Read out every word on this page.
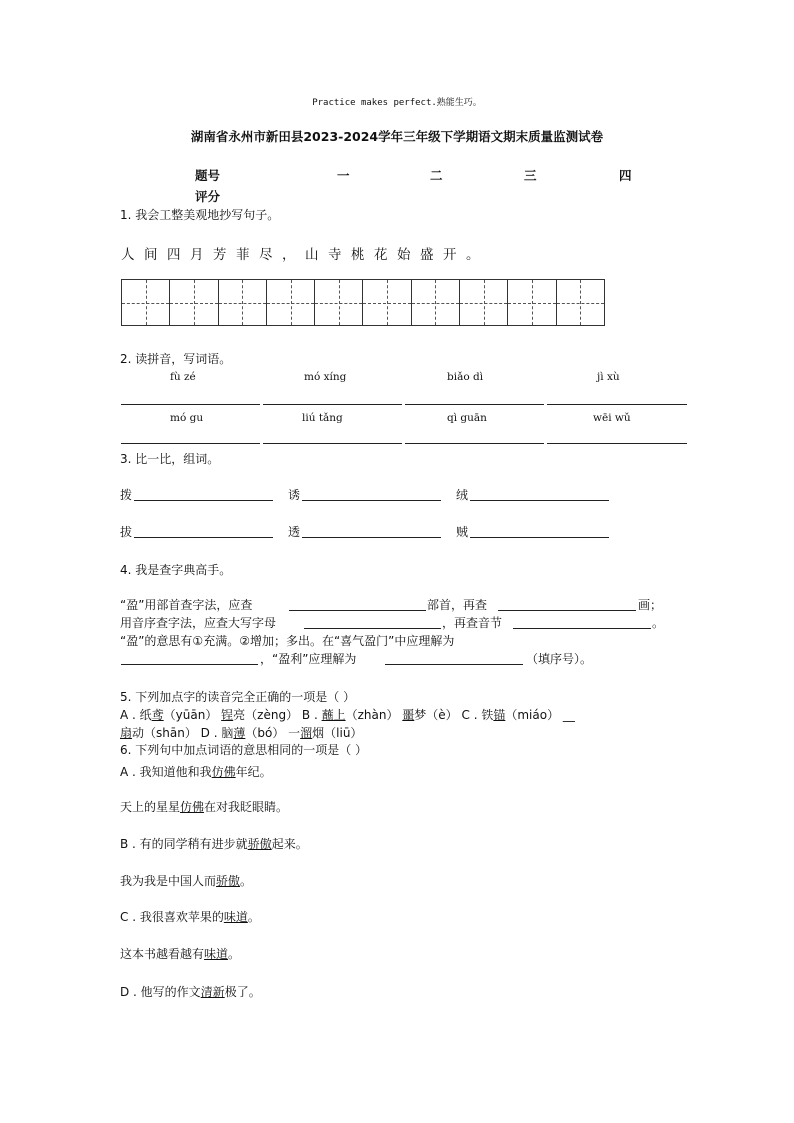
Practice makes perfect.熟能生巧。
湖南省永州市新田县2023-2024学年三年级下学期语文期末质量监测试卷
题号	一	二	三	四
评分
1. 我会工整美观地抄写句子。
人间四月芳菲尽，山寺桃花始盛开。
2. 读拼音，写词语。
fù zé	mó xíng	biǎo dì	jì xù
mó gu	liú tǎng	qì guān	wēi wǔ
3. 比一比，组词。
拨	诱	绒
拔	透	贼
4. 我是查字典高手。
“盈”用部首查字法，应查	部首，再查	画；
用音序查字法，应查大写字母	，再查音节	。
“盈”的意思有①充满。②增加；多出。在“喜气盈门”中应理解为
，“盈利”应理解为	（填序号）。
5. 下列加点字的读音完全正确的一项是（ ）
A . 纸鸢（yūān） 锃亮（zèng） B . 蘸上（zhàn） 噩梦（è） C . 铁锚（miáo） __
扇动（shān） D . 脑薄（bó） 一溜烟（liū）
6. 下列句中加点词语的意思相同的一项是（ ）
A . 我知道他和我仿佛年纪。
天上的星星仿佛在对我眨眼睛。
B . 有的同学稍有进步就骄傲起来。
我为我是中国人而骄傲。
C . 我很喜欢苹果的味道。
这本书越看越有味道。
D . 他写的作文清新极了。
